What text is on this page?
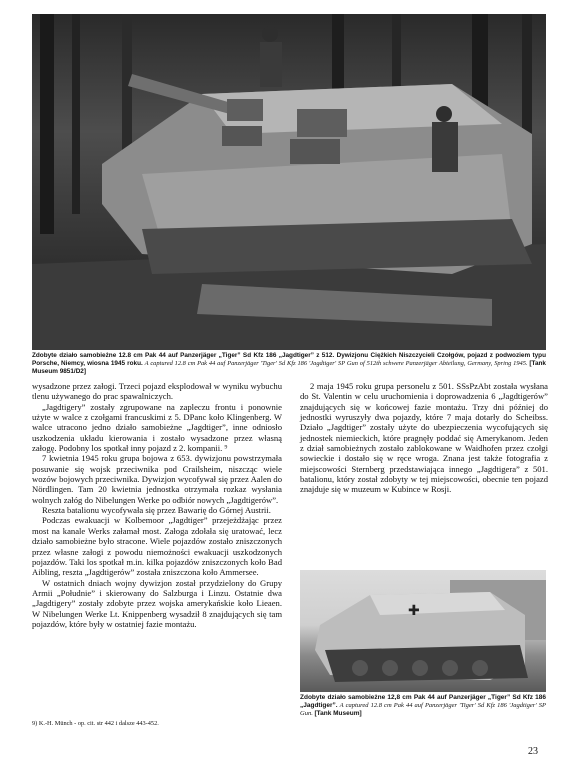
Zdobyte działo samobieżne 12.8 cm Pak 44 auf Panzerjäger „Tiger” Sd Kfz 186 „Jagdtiger” z 512. Dywizjonu Ciężkich Niszczycieli Czołgów, pojazd z podwoziem typu Porsche, Niemcy, wiosna 1945 roku. A captured 12.8 cm Pak 44 auf Panzerjäger 'Tiger' Sd Kfz 186 'Jagdtiger' SP Gun of 512th schwere Panzerjäger Abteilung, Germany, Spring 1945. [Tank Museum 9851/D2]

wysadzone przez załogi. Trzeci pojazd eksplodował w wyniku wybuchu tlenu używanego do prac spawalniczych.

„Jagdtigery” zostały zgrupowane na zapleczu frontu i ponownie użyte w walce z czołgami francuskimi z 5. DPanc koło Klingenberg. W walce utracono jedno działo samobieżne „Jagdtiger”, inne odniosło uszkodzenia układu kierowania i zostało wysadzone przez własną załogę. Podobny los spotkał inny pojazd z 2. kompanii. ⁹

7 kwietnia 1945 roku grupa bojowa z 653. dywizjonu powstrzymała posuwanie się wojsk przeciwnika pod Crailsheim, niszcząc wiele wozów bojowych przeciwnika. Dywizjon wycofywał się przez Aalen do Nördlingen. Tam 20 kwietnia jednostka otrzymała rozkaz wysłania wolnych załóg do Nibelungen Werke po odbiór nowych „Jagdtigerów”.

Reszta batalionu wycofywała się przez Bawarię do Górnej Austrii.

Podczas ewakuacji w Kolbemoor „Jagdtiger” przejeżdżając przez most na kanale Werks załamał most. Załoga zdołała się uratować, lecz działo samobieżne było stracone. Wiele pojazdów zostało zniszczonych przez własne załogi z powodu niemożności ewakuacji uszkodzonych pojazdów. Taki los spotkał m.in. kilka pojazdów zniszczonych koło Bad Aibling, reszta „Jagdtigerów” została zniszczona koło Ammersee.

W ostatnich dniach wojny dywizjon został przydzielony do Grupy Armii „Południe” i skierowany do Salzburga i Linzu. Ostatnie dwa „Jagdtigery” zostały zdobyte przez wojska amerykańskie koło Lieaen. W Nibelungen Werke Lt. Knippenberg wysadził 8 znajdujących się tam pojazdów, które były w ostatniej fazie montażu.

9) K.-H. Münch - op. cit. str 442 i dalsze 443-452.

2 maja 1945 roku grupa personelu z 501. SSsPzAbt została wysłana do St. Valentin w celu uruchomienia i doprowadzenia 6 „Jagdtigerów” znajdujących się w końcowej fazie montażu. Trzy dni później do jednostki wyruszyły dwa pojazdy, które 7 maja dotarły do Scheibss. Działo „Jagdtiger” zostały użyte do ubezpieczenia wycofujących się jednostek niemieckich, które pragnęły poddać się Amerykanom. Jeden z dział samobieżnych zostało zablokowane w Waidhofen przez czołgi sowieckie i dostało się w ręce wroga. Znana jest także fotografia z miejscowości Sternberg przedstawiająca innego „Jagdtigera” z 501. batalionu, który został zdobyty w tej miejscowości, obecnie ten pojazd znajduje się w muzeum w Kubince w Rosji.

✚
Zdobyte działo samobieżne 12,8 cm Pak 44 auf Panzerjäger „Tiger” Sd Kfz 186 „Jagdtiger”. A captured 12.8 cm Pak 44 auf Panzerjäger 'Tiger' Sd Kfz 186 'Jagdtiger' SP Gun. [Tank Museum]
23
